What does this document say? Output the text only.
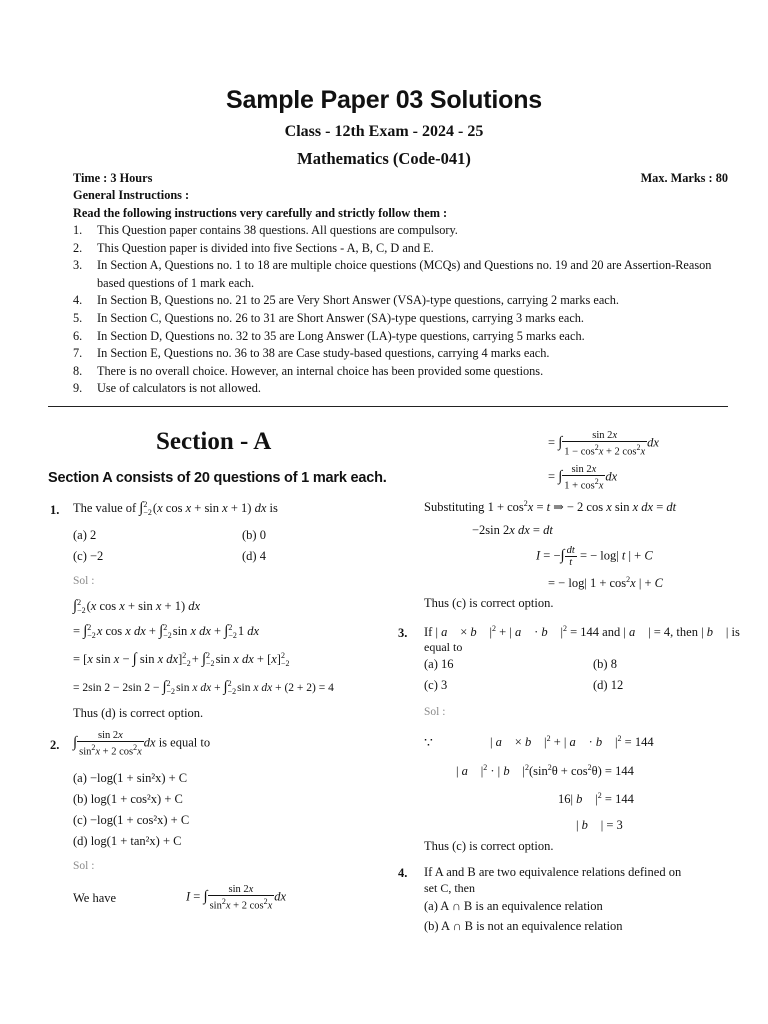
Sample Paper 03 Solutions
Class - 12th Exam - 2024 - 25
Mathematics (Code-041)
Time : 3 Hours	Max. Marks : 80
General Instructions :
Read the following instructions very carefully and strictly follow them :
1. This Question paper contains 38 questions. All questions are compulsory.
2. This Question paper is divided into five Sections - A, B, C, D and E.
3. In Section A, Questions no. 1 to 18 are multiple choice questions (MCQs) and Questions no. 19 and 20 are Assertion-Reason based questions of 1 mark each.
4. In Section B, Questions no. 21 to 25 are Very Short Answer (VSA)-type questions, carrying 2 marks each.
5. In Section C, Questions no. 26 to 31 are Short Answer (SA)-type questions, carrying 3 marks each.
6. In Section D, Questions no. 32 to 35 are Long Answer (LA)-type questions, carrying 5 marks each.
7. In Section E, Questions no. 36 to 38 are Case study-based questions, carrying 4 marks each.
8. There is no overall choice. However, an internal choice has been provided some questions.
9. Use of calculators is not allowed.
Section - A
Section A consists of 20 questions of 1 mark each.
1. The value of ∫2
−2(x cos x + sin x + 1) dx is
(a) 2	(b) 0
(c) −2	(d) 4
Sol :
∫2
−2(x cos x + sin x + 1) dx
= ∫2
−2x cos x dx + ∫2
−2sin x dx + ∫2
−21 dx
= [x sin x − ∫ sin x dx]2
−2+ ∫2
−2sin x dx + [x]2
−2
= 2sin 2 − 2sin 2 − ∫2
−2sin x dx + ∫2
−2sin x dx + (2 + 2) = 4
Thus (d) is correct option.
2. ∫ $\frac{\sin 2x}{\sin^2x + 2 \cos^2x}$ dx is equal to
(a) −log(1 + sin²x) + C
(b) log(1 + cos²x) + C
(c) −log(1 + cos²x) + C
(d) log(1 + tan²x) + C
Sol :
We have	I = ∫ $\frac{\sin 2x}{\sin^2x + 2 \cos^2x}$ dx
= ∫ $\frac{\sin 2x}{1 - \cos^2x + 2 \cos^2x}$ dx
= ∫ $\frac{\sin 2x}{1 + \cos^2x}$ dx
Substituting $1 + \cos^2x = t$ ⇒ − 2 cos x sin x dx = dt
−2sin 2x dx = dt
I = −∫ $\frac{dt}{t}$ = − log| t | + C
= − log| $1 + \cos^2x$ | + C
Thus (c) is correct option.
3. If | a⃗ × b⃗ $|^2$ + | a⃗ · b⃗ $|^2 = 144$ and | a⃗ | = 4, then | b⃗ | is
equal to
(a) 16	(b) 8
(c) 3	(d) 12
Sol :
∵	| a⃗ × b⃗ $|^2$ + | a⃗ · b⃗ $|^2 = 144$
| a⃗ $|^2$ · | b⃗ $|^2(\sin^2\theta + \cos^2\theta) = 144$
16| b⃗ $|^2 = 144$
| b⃗ | = 3
Thus (c) is correct option.
4. If A and B are two equivalence relations defined on
set C, then
(a) A ∩ B is an equivalence relation
(b) A ∩ B is not an equivalence relation
